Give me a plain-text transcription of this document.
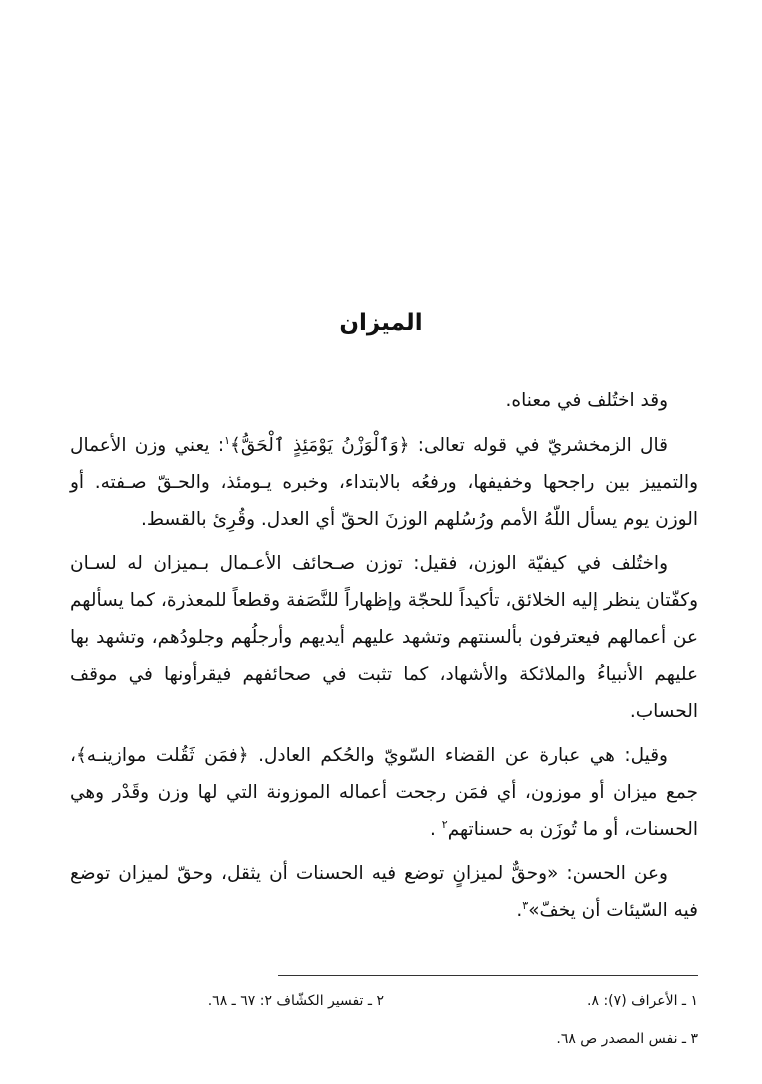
الميزان

وقد اختُلف في معناه.

قال الزمخشريّ في قوله تعالى: ﴿وَٱلْوَزْنُ يَوْمَئِذٍ ٱلْحَقُّ﴾$^١$: يعني وزن الأعمال والتمييز بين راجحها وخفيفها، ورفعُه بالابتداء، وخبره يـومئذ، والحـقّ صـفته. أو الوزن يوم يسأل اللّهُ الأمم ورُسُلهم الوزنَ الحقّ أي العدل. وقُرِئ بالقسط.

واختُلف في كيفيّة الوزن، فقيل: توزن صـحائف الأعـمال بـميزان له لسـان وكفّتان ينظر إليه الخلائق، تأكيداً للحجّة وإظهاراً للنَّصَفة وقطعاً للمعذرة، كما يسألهم عن أعمالهم فيعترفون بألسنتهم وتشهد عليهم أيديهم وأرجلُهم وجلودُهم، وتشهد بها عليهم الأنبياءُ والملائكة والأشهاد، كما تثبت في صحائفهم فيقرأونها في موقف الحساب.

وقيل: هي عبارة عن القضاء السّويّ والحُكم العادل. ﴿فمَن ثَقُلت موازينـه﴾، جمع ميزان أو موزون، أي فمَن رجحت أعماله الموزونة التي لها وزن وقَدْر وهي الحسنات، أو ما تُوزَن به حسناتهم$^٢$ .

وعن الحسن: «وحقٌّ لميزانٍ توضع فيه الحسنات أن يثقل، وحقّ لميزان توضع فيه السّيئات أن يخفّ»$^٣$.

١ ـ الأعراف (٧): ٨.
٢ ـ تفسير الكشّاف ٢: ٦٧ ـ ٦٨.
٣ ـ نفس المصدر ص ٦٨.
